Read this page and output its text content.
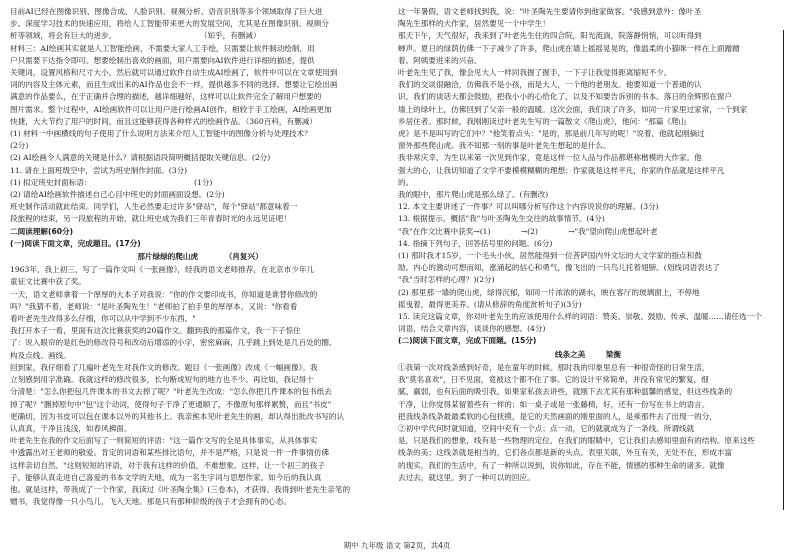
目前AI已经在图像识别、图像合成、人脸识别、视频分析、语音识别等多个领域取得了巨大进
步。深度学习技术的快速应用，将给人工智能带来更大的发展空间，尤其是在图像识别、视频分
析等领域，将会有巨大的进步。　　　　　　　　　　　　（知乎，有删减）
材料三：AI绘画其实就是人工智能绘画，不需要大家人工手绘，只需要让软件制动绘制，用
户只需要下达指令即可。想要绘制出喜欢的画面，用户需要向AI软件进行详细的描述，提供
关键词，设置风格和尺寸大小，然后就可以通过软件自动生成AI绘画了，软件中可以在文章使用到
词的内容及主体元素，而且生成出来的AI作品也会不一样，提供越多不同的选择。想要让它绘出画
满意的作品要么，在于正确并合理的描述，越详细越好，这样可以让软件完全了解用户想要的
图片需求。整个过程中，AI绘画软件可以让用户进行绘画AI创作，相较于手工绘画，AI绘画更加
快捷，大大节约了用户的时间，而且这能够获得各种样式的绘画作品。（360百科，有删减）
(1) 材料一中画横线的句子使用了什么说明方法来介绍人工智能中的图像分析与处理技术？
(2分)
(2) AI绘画令人满意的关键是什么？请根据语段简明概括提取关键信息。(2分)
11. 请在上面班级空中，尝试为班史制作封面。(3分)
(1) 拟定班史封面标语：　　　　　　　　　　　　　　(1分)
(2) 请给AI绘画软件描述自己心目中班史的封面画面设想。(2分)
班史制作活动就此结束。同学们，人生必然要走过许多"驿站"，每个"驿站"都意味着一
段旅程的结束，另一段旅程的开始，就让班史成为我们三年青春时光的永远见证吧！
二阅读理解(60分)
(一)阅读下面文章，完成题目。(17分)
那片绿绿的爬山虎	（肖复兴）
1963年，我上初三，写了一篇作文叫《一张画像》，经我的语文老师推荐，在北京市少年儿
童征文比赛中获了奖。
一天，语文老师拿着一个厚厚的大本子对我说："你的作文要印成书，你知道是谁替你修改的
吗？"我猜不着，老师说："是叶圣陶先生！"老师拍了拍手里的厚厚本，又说："你看看
看叶老先生改得多么仔细，你可以从中学到不少东西。"
我打开本子一看，里面有这次比赛获奖的20篇作文。翻到我的那篇作文，我一下子惊住
了：说入眼帘的是红色的修改符号和改动后增添的小字，密密麻麻，几乎跳上到处是几百处的圈、
构及点线、画线。
回到家，我仔细看了几遍叶老先生对我作文的修改。题目《一张画像》改成《一幅画像》。我
立刻感到用字准确。我就这样的修改很多，长句断成短句的地方也不少。再比如，我记得十
分清楚："怎么你把包几件课本的书文去掉了呢？"叶老先生改成："怎么你把几件课本的包书纸去
掉了呢？"删掉原句中"包"这个动词，使得句子干净了更通顺了，不像原句那样累赘，而且"书皮"
更确切，因为书皮可以包在课本以外的其他书上。我亲熊本见叶老先生的画，却认得出批改书写的认
认真真，干净且浅浅，如春风拂面。
叶老先生在我的作文后面写了一则简短的评语："这一篇作文写的全是具体事实，从具体事实
中透露出对王老师的敬爱。肯定的词语和某些排比语句，并不是严格，只是说一件一件事情仿佛
这样亲切自然。"这则短短的评语，对于我有这样的价值，不难想象。这样，让一个初三的孩子
子，能够认真走进自己喜爱的书本文学的天地，成为一名生字词与思想作家。如今后的我认真
他。就是这样，带我成了一个作家，我读过《叶圣陶全集》(三卷本)，才获得。我得到叶老先生亲笔的
赠书，我觉得像一只小鸟儿，飞入天地。那是只有那种阶级的孩子才会拥有的心态。
这一年暑假，语文老师找到我，说："叶圣陶先生要请你到他家做客。"我感到意外：像叶圣
陶先生那样的大作家，居然要见一个中学生！
那天下午，天气很好，我来到了叶老先生住的四合院，阳光流淌，院落静悄悄，可以听得到
蝉声。夏日的绿荫仿佛一下子减少了许多，爬山虎在墙上摇摇晃晃的，像温柔的小猫咪一样在上面蹭蹭
着。阿姨要进来的兴奋。
叶老先生见了我，像会见大人一样同我握了握手，一下子让我觉得距离缩短不少。
我们的交谈很融洽，仿佛我不是小孩，而是大人，一个他的老朋友。他要知道一个普通的认
识，我们的谈话大都会鼓励，把我小小的心给化了，以及不知要告诉别的书本。落日的余辉照在窗户
墙上的绿叶上，仿佛回到了父亲一般的温暖。这次会面，我们谈了许多，如同一片家里过家常，一个到家
乡居住者。那时候，我刚刚读过叶老先生写的一篇散文《爬山虎》，他问："那篇《爬山
虎》是不是叫写的它们中？"他笑着点头："是的，那是前几年写的呢！"说着，他就起刚摘过
窗外那些爬山虎。我不知那一刻的事是叶老先生想起的是什么。
我非常庆幸，为生以来第一次见到作家，竟是这样一位人品与作品都堪称楷模的大作家。他
强大的心，让我切知道了文学不要模模糊糊的理想；作家就是这样平凡，你家的作品就是这样平凡
的。
我的眼中，那片爬山虎是那么绿了。(有删改)
12. 本文主要讲述了一件事？可以叫哪分析写作这个内容说说你的理解。(3分)
13. 根据提示，概括"我"与叶圣陶先生交往的故事情节。(4分)
"我"在作文比赛中获奖→(1)　　　　→(2)　　　　→"我"望向爬山虎想起叶老
14. 指摘下列句子，回答括号里的问题。(6分)
(1) 那时我才15岁，一个毛头小伙，居然能得到一位菩萨国内外文坛的大文学家的指点和鼓
励。内心的激动可想而知，涨涌起的信心和勇气，像飞出的一只鸟儿托着翅膀。(划线词语表达了
"我"当时怎样的心理？)(2分)
(2) 那里那一墙的爬山虎，绿得沉郁，如同一片浓浓的湖水，映在客厅的玻璃窗上，不停地
摇曳着，最得更美养。(请从修辞的角度赏析句子)(3分)
15. 读完这篇文章，你对叶老先生的应该使用什么样的词语：赞美、崇敬、鼓励、传承、温暖……请任选一个
词语，结合文章内容，谈谈你的感想。(4分)
(二)阅读下面文章，完成下面题。(15分)
线条之美	梁衡
①我第一次对线条感到好奇，是在童年的时候。那时我的印象里总有一种很奇怪的日常生活，
我"莫名喜欢"，日不见面，竟被这个都不住了事。它的设计平常简单，并没有常见的繁复，细
腻、羸弱，也有后面的吸引我，如果家私孩去讲些，就刚下去尤其有那种温馨的感觉，但这些线条的
干净，让你觉得某留着些有一样的；如一桌子或是一张藤椅，好，还有一份写在书上的语言。
把我线条线条最最柔软的心包抚摸，是它的天然画面的刚里面的人，是乘那件去了出现一的分，
②初中学代何时就知道，空间中充有一个点；点一动，它的就就成为了一条线。所谓线就
是，只是我们的想象，线有是一些物理的定位，在我们的眼睛中，它让我们去感知里面有的结构。原来这些
线条的美；这线条就是相当的，它们各点都是新的头点。表里关联，外互有关，无处不在，形成丰富
的现实，我们的生活中，有了一种所以说到，说你如此，存在不能，情感的那种生命的诸多。就像
去过去，就这里。到了一种可以的回应。
期中 九年级 语文 第2页，共4页
